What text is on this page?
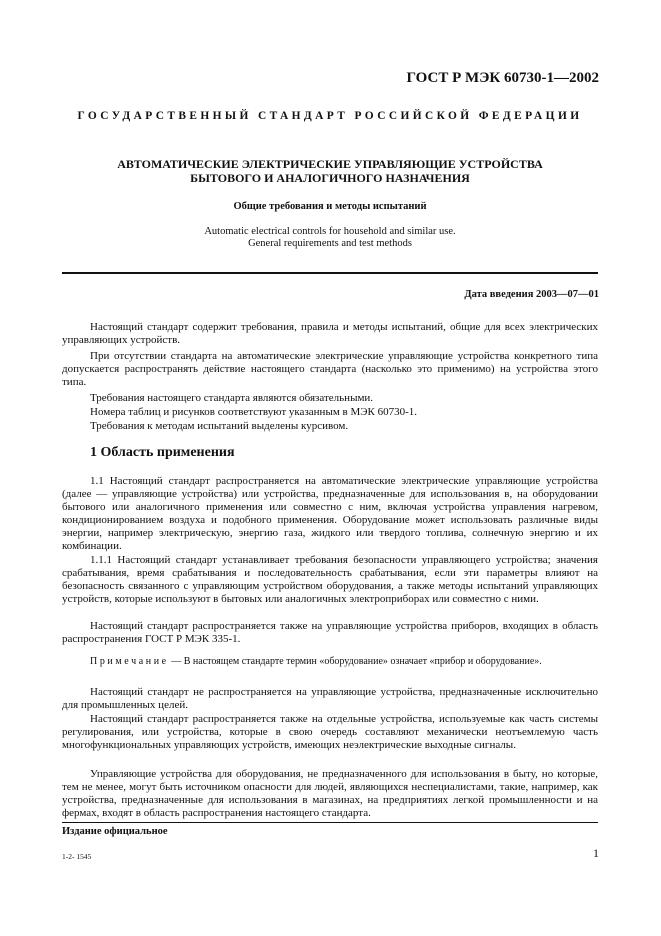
ГОСТ Р МЭК 60730-1—2002
ГОСУДАРСТВЕННЫЙ СТАНДАРТ РОССИЙСКОЙ ФЕДЕРАЦИИ
АВТОМАТИЧЕСКИЕ ЭЛЕКТРИЧЕСКИЕ УПРАВЛЯЮЩИЕ УСТРОЙСТВА
БЫТОВОГО И АНАЛОГИЧНОГО НАЗНАЧЕНИЯ
Общие требования и методы испытаний
Automatic electrical controls for household and similar use.
General requirements and test methods
Дата введения 2003—07—01

Настоящий стандарт содержит требования, правила и методы испытаний, общие для всех электрических управляющих устройств.

При отсутствии стандарта на автоматические электрические управляющие устройства конкретного типа допускается распространять действие настоящего стандарта (насколько это применимо) на устройства этого типа.

Требования настоящего стандарта являются обязательными.

Номера таблиц и рисунков соответствуют указанным в МЭК 60730-1.

Требования к методам испытаний выделены курсивом.

1 Область применения

1.1 Настоящий стандарт распространяется на автоматические электрические управляющие устройства (далее — управляющие устройства) или устройства, предназначенные для использования в, на оборудовании бытового или аналогичного применения или совместно с ним, включая устройства управления нагревом, кондиционированием воздуха и подобного применения. Оборудование может использовать различные виды энергии, например электрическую, энергию газа, жидкого или твердого топлива, солнечную энергию и их комбинации.

1.1.1 Настоящий стандарт устанавливает требования безопасности управляющего устройства; значения срабатывания, время срабатывания и последовательность срабатывания, если эти параметры влияют на безопасность связанного с управляющим устройством оборудования, а также методы испытаний управляющих устройств, которые используют в бытовых или аналогичных электроприборах или совместно с ними.

Настоящий стандарт распространяется также на управляющие устройства приборов, входящих в область распространения ГОСТ Р МЭК 335-1.

Примечание — В настоящем стандарте термин «оборудование» означает «прибор и оборудование».

Настоящий стандарт не распространяется на управляющие устройства, предназначенные исключительно для промышленных целей.

Настоящий стандарт распространяется также на отдельные устройства, используемые как часть системы регулирования, или устройства, которые в свою очередь составляют механически неотъемлемую часть многофункциональных управляющих устройств, имеющих неэлектрические выходные сигналы.

Управляющие устройства для оборудования, не предназначенного для использования в быту, но которые, тем не менее, могут быть источником опасности для людей, являющихся неспециалистами, такие, например, как устройства, предназначенные для использования в магазинах, на предприятиях легкой промышленности и на фермах, входят в область распространения настоящего стандарта.

Издание официальное
1-2- 1545	1
